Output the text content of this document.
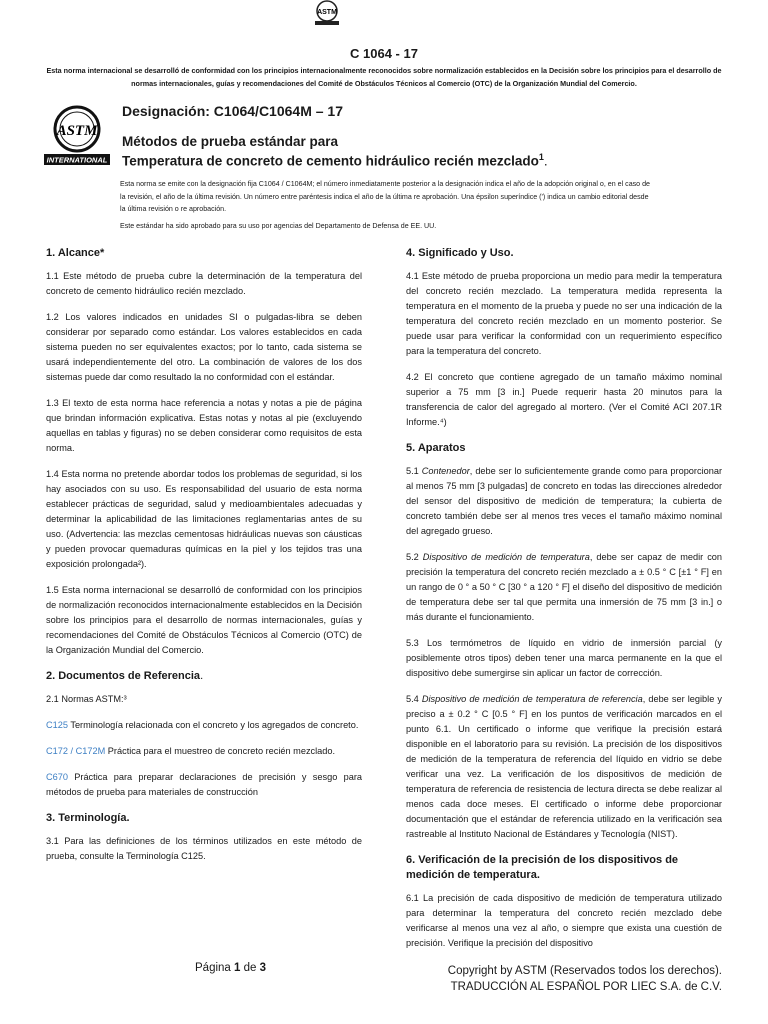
ASTM
C 1064 - 17
Esta norma internacional se desarrolló de conformidad con los principios internacionalmente reconocidos sobre normalización establecidos en la Decisión sobre los principios para el desarrollo de normas internacionales, guías y recomendaciones del Comité de Obstáculos Técnicos al Comercio (OTC) de la Organización Mundial del Comercio.
ASTM
INTERNATIONAL
Designación: C1064/C1064M – 17
Métodos de prueba estándar para
Temperatura de concreto de cemento hidráulico recién mezclado$^1$.
Esta norma se emite con la designación fija C1064 / C1064M; el número inmediatamente posterior a la designación indica el año de la adopción original o, en el caso de la revisión, el año de la última revisión. Un número entre paréntesis indica el año de la última re aprobación. Una épsilon superíndice (') indica un cambio editorial desde la última revisión o re aprobación.
Este estándar ha sido aprobado para su uso por agencias del Departamento de Defensa de EE. UU.
1. Alcance*

1.1 Este método de prueba cubre la determinación de la temperatura del concreto de cemento hidráulico recién mezclado.

1.2 Los valores indicados en unidades SI o pulgadas-libra se deben considerar por separado como estándar. Los valores establecidos en cada sistema pueden no ser equivalentes exactos; por lo tanto, cada sistema se usará independientemente del otro. La combinación de valores de los dos sistemas puede dar como resultado la no conformidad con el estándar.

1.3 El texto de esta norma hace referencia a notas y notas a pie de página que brindan información explicativa. Estas notas y notas al pie (excluyendo aquellas en tablas y figuras) no se deben considerar como requisitos de esta norma.

1.4 Esta norma no pretende abordar todos los problemas de seguridad, si los hay asociados con su uso. Es responsabilidad del usuario de esta norma establecer prácticas de seguridad, salud y medioambientales adecuadas y determinar la aplicabilidad de las limitaciones reglamentarias antes de su uso. (Advertencia: las mezclas cementosas hidráulicas nuevas son cáusticas y pueden provocar quemaduras químicas en la piel y los tejidos tras una exposición prolongada²).

1.5 Esta norma internacional se desarrolló de conformidad con los principios de normalización reconocidos internacionalmente establecidos en la Decisión sobre los principios para el desarrollo de normas internacionales, guías y recomendaciones del Comité de Obstáculos Técnicos al Comercio (OTC) de la Organización Mundial del Comercio.

2. Documentos de Referencia.

2.1 Normas ASTM:³

C125 Terminología relacionada con el concreto y los agregados de concreto.

C172 / C172M Práctica para el muestreo de concreto recién mezclado.

C670 Práctica para preparar declaraciones de precisión y sesgo para métodos de prueba para materiales de construcción

3. Terminología.

3.1 Para las definiciones de los términos utilizados en este método de prueba, consulte la Terminología C125.

4. Significado y Uso.

4.1 Este método de prueba proporciona un medio para medir la temperatura del concreto recién mezclado. La temperatura medida representa la temperatura en el momento de la prueba y puede no ser una indicación de la temperatura del concreto recién mezclado en un momento posterior. Se puede usar para verificar la conformidad con un requerimiento específico para la temperatura del concreto.

4.2 El concreto que contiene agregado de un tamaño máximo nominal superior a 75 mm [3 in.] Puede requerir hasta 20 minutos para la transferencia de calor del agregado al mortero. (Ver el Comité ACI 207.1R Informe.⁴)

5. Aparatos

5.1 Contenedor, debe ser lo suficientemente grande como para proporcionar al menos 75 mm [3 pulgadas] de concreto en todas las direcciones alrededor del sensor del dispositivo de medición de temperatura; la cubierta de concreto también debe ser al menos tres veces el tamaño máximo nominal del agregado grueso.

5.2 Dispositivo de medición de temperatura, debe ser capaz de medir con precisión la temperatura del concreto recién mezclado a ± 0.5 ° C [±1 ° F] en un rango de 0 ° a 50 ° C [30 ° a 120 ° F] el diseño del dispositivo de medición de temperatura debe ser tal que permita una inmersión de 75 mm [3 in.] o más durante el funcionamiento.

5.3 Los termómetros de líquido en vidrio de inmersión parcial (y posiblemente otros tipos) deben tener una marca permanente en la que el dispositivo debe sumergirse sin aplicar un factor de corrección.

5.4 Dispositivo de medición de temperatura de referencia, debe ser legible y preciso a ± 0.2 ° C [0.5 ° F] en los puntos de verificación marcados en el punto 6.1. Un certificado o informe que verifique la precisión estará disponible en el laboratorio para su revisión. La precisión de los dispositivos de medición de la temperatura de referencia del líquido en vidrio se debe verificar una vez. La verificación de los dispositivos de medición de temperatura de referencia de resistencia de lectura directa se debe realizar al menos cada doce meses. El certificado o informe debe proporcionar documentación que el estándar de referencia utilizado en la verificación sea rastreable al Instituto Nacional de Estándares y Tecnología (NIST).

6. Verificación de la precisión de los dispositivos de medición de temperatura.

6.1 La precisión de cada dispositivo de medición de temperatura utilizado para determinar la temperatura del concreto recién mezclado debe verificarse al menos una vez al año, o siempre que exista una cuestión de precisión. Verifique la precisión del dispositivo

Página 1 de 3	Copyright by ASTM (Reservados todos los derechos).
TRADUCCIÓN AL ESPAÑOL POR LIEC S.A. de C.V.
